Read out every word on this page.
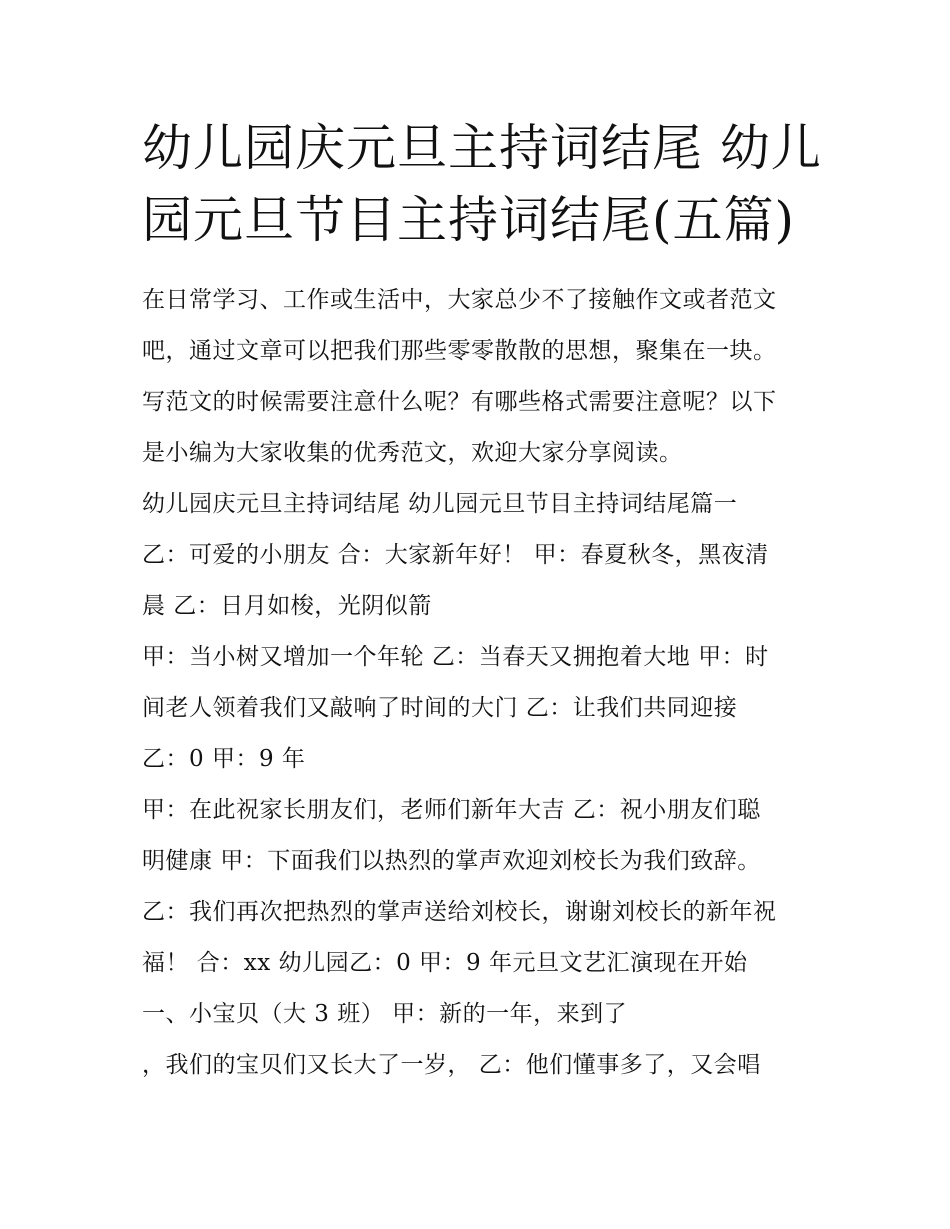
幼儿园庆元旦主持词结尾 幼儿
园元旦节目主持词结尾(五篇)
在日常学习、工作或生活中，大家总少不了接触作文或者范文
吧，通过文章可以把我们那些零零散散的思想，聚集在一块。
写范文的时候需要注意什么呢？有哪些格式需要注意呢？以下
是小编为大家收集的优秀范文，欢迎大家分享阅读。
幼儿园庆元旦主持词结尾 幼儿园元旦节目主持词结尾篇一
乙：可爱的小朋友 合：大家新年好！ 甲：春夏秋冬，黑夜清
晨 乙：日月如梭，光阴似箭
甲：当小树又增加一个年轮 乙：当春天又拥抱着大地 甲：时
间老人领着我们又敲响了时间的大门 乙：让我们共同迎接
乙：0 甲：9 年
甲：在此祝家长朋友们，老师们新年大吉 乙：祝小朋友们聪
明健康 甲：下面我们以热烈的掌声欢迎刘校长为我们致辞。
乙：我们再次把热烈的掌声送给刘校长，谢谢刘校长的新年祝
福！ 合：xx 幼儿园乙：0 甲：9 年元旦文艺汇演现在开始
一、小宝贝（大 3 班） 甲：新的一年，来到了
，我们的宝贝们又长大了一岁， 乙：他们懂事多了，又会唱
